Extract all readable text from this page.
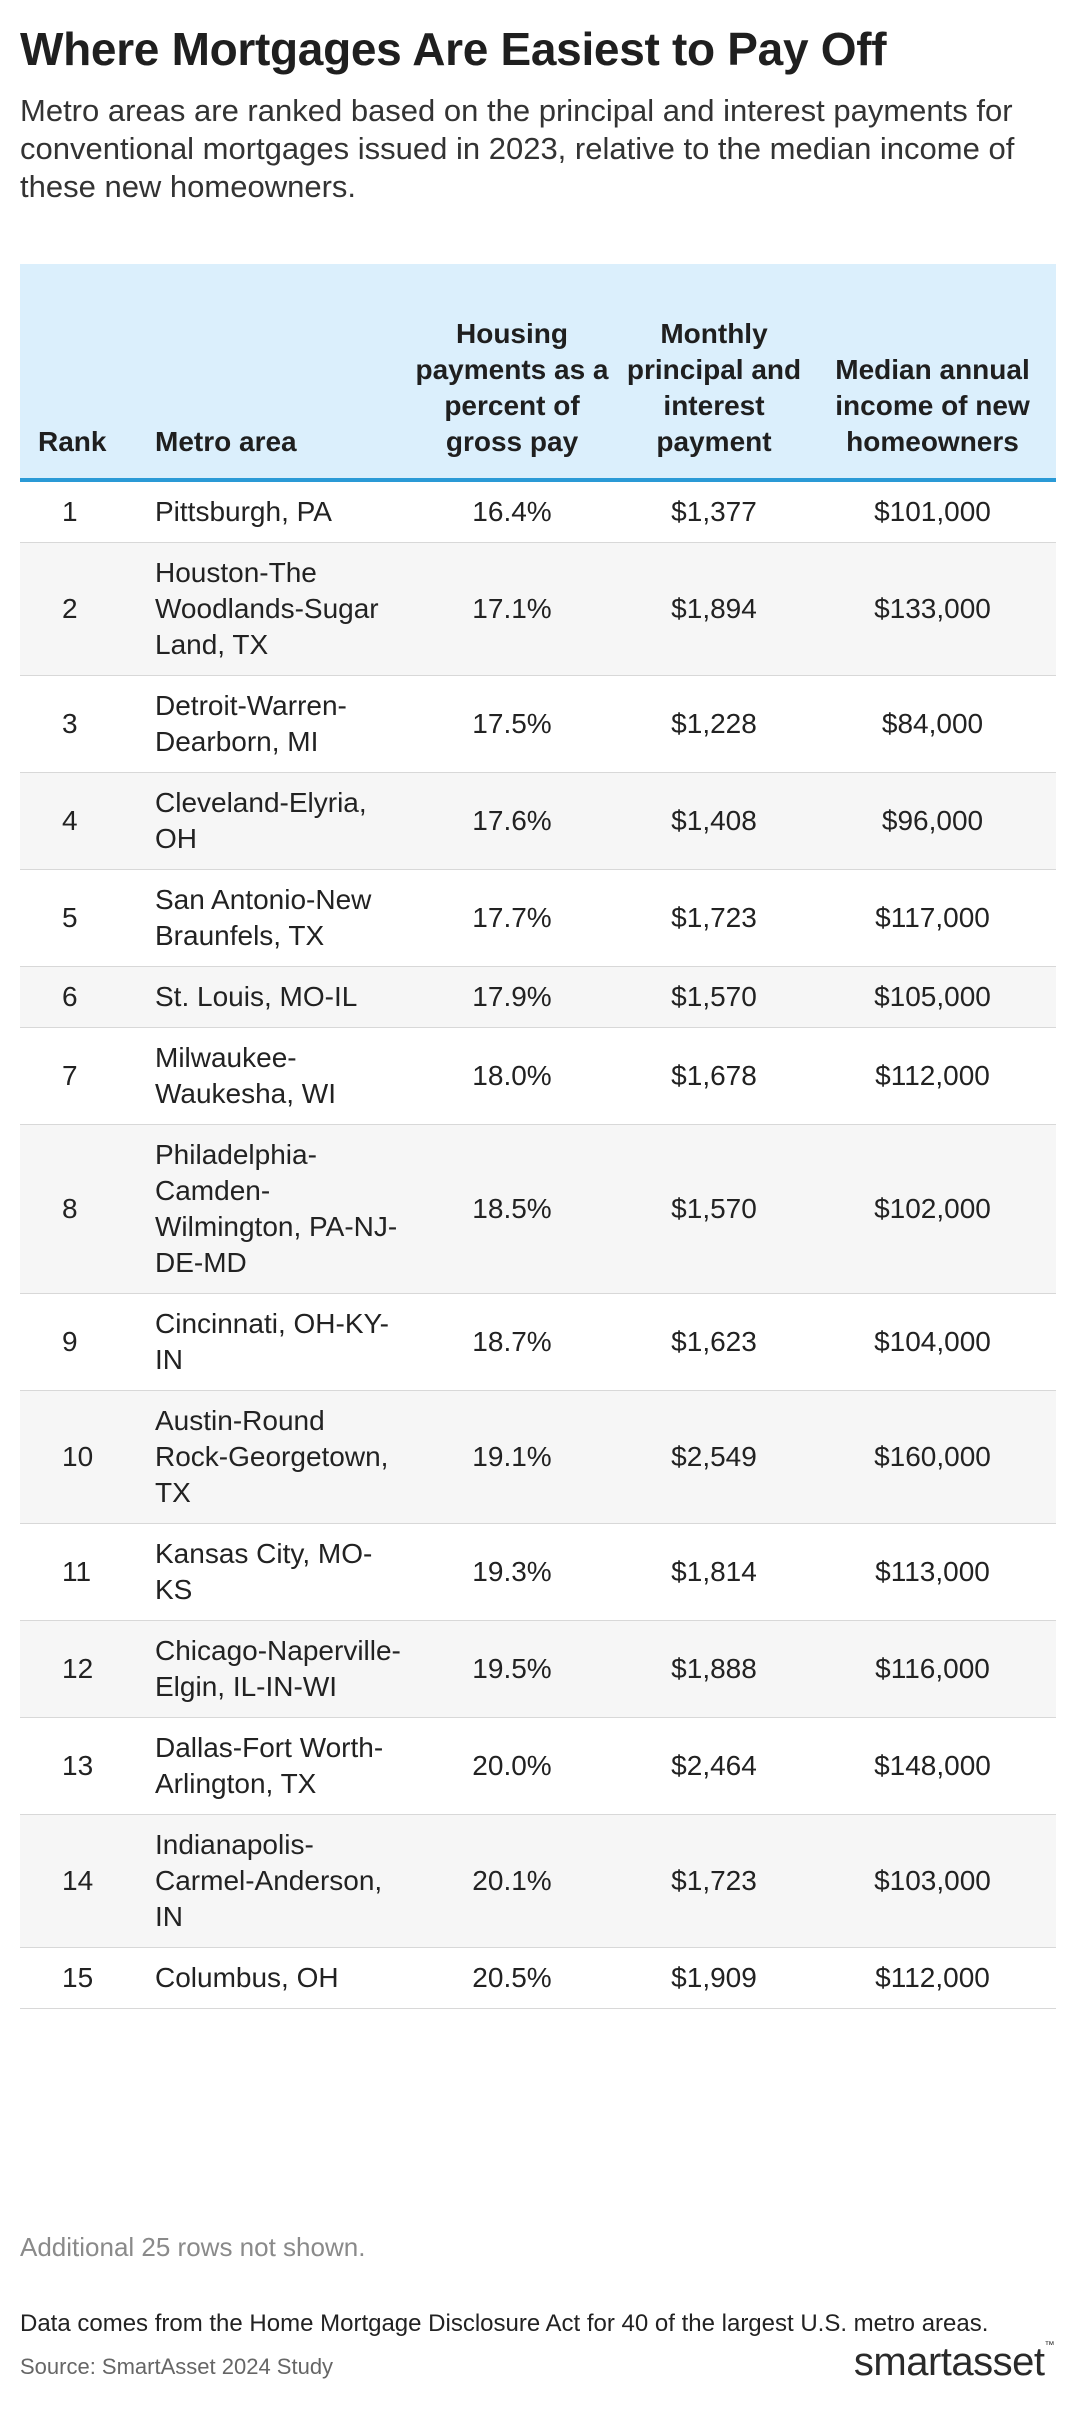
Where Mortgages Are Easiest to Pay Off
Metro areas are ranked based on the principal and interest payments for conventional mortgages issued in 2023, relative to the median income of these new homeowners.
Rank	Metro area	Housing payments as a percent of gross pay	Monthly principal and interest payment	Median annual income of new homeowners
1	Pittsburgh, PA	16.4%	$1,377	$101,000
2	Houston-The Woodlands-Sugar Land, TX	17.1%	$1,894	$133,000
3	Detroit-Warren-Dearborn, MI	17.5%	$1,228	$84,000
4	Cleveland-Elyria, OH	17.6%	$1,408	$96,000
5	San Antonio-New Braunfels, TX	17.7%	$1,723	$117,000
6	St. Louis, MO-IL	17.9%	$1,570	$105,000
7	Milwaukee-Waukesha, WI	18.0%	$1,678	$112,000
8	Philadelphia-Camden-Wilmington, PA-NJ-DE-MD	18.5%	$1,570	$102,000
9	Cincinnati, OH-KY-IN	18.7%	$1,623	$104,000
10	Austin-Round Rock-Georgetown, TX	19.1%	$2,549	$160,000
11	Kansas City, MO-KS	19.3%	$1,814	$113,000
12	Chicago-Naperville-Elgin, IL-IN-WI	19.5%	$1,888	$116,000
13	Dallas-Fort Worth-Arlington, TX	20.0%	$2,464	$148,000
14	Indianapolis-Carmel-Anderson, IN	20.1%	$1,723	$103,000
15	Columbus, OH	20.5%	$1,909	$112,000
Additional 25 rows not shown.
Data comes from the Home Mortgage Disclosure Act for 40 of the largest U.S. metro areas.
Source: SmartAsset 2024 Study	smartasset™
